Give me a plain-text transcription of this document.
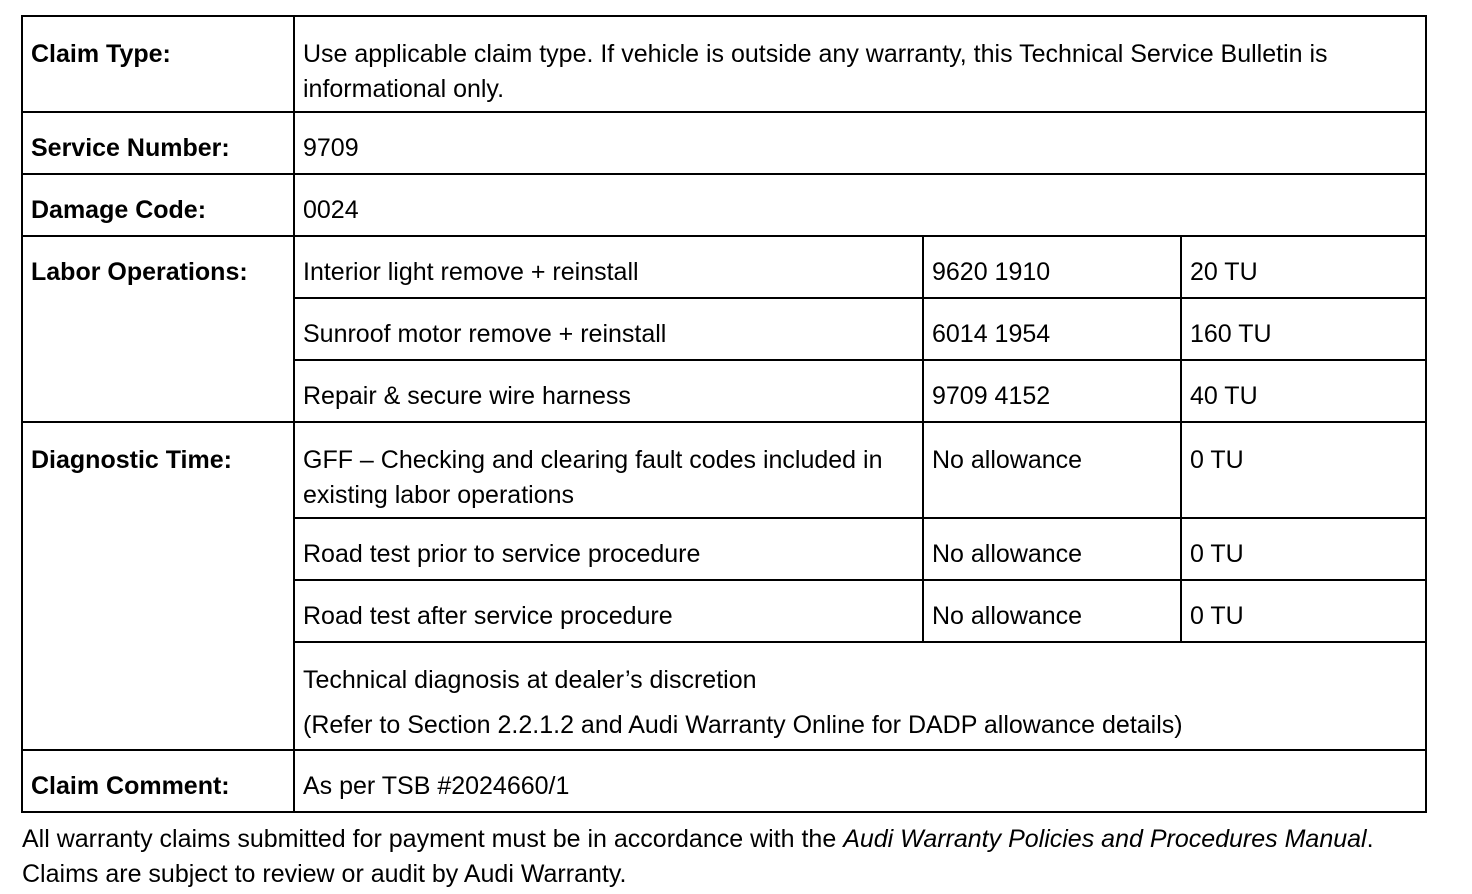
Claim Type:	Use applicable claim type. If vehicle is outside any warranty, this Technical Service Bulletin is informational only.		
Service Number:	9709		
Damage Code:	0024		
Labor Operations:	Interior light remove + reinstall	9620 1910	20 TU
	Sunroof motor remove + reinstall	6014 1954	160 TU
	Repair & secure wire harness	9709 4152	40 TU
Diagnostic Time:	GFF – Checking and clearing fault codes included in existing labor operations	No allowance	0 TU
	Road test prior to service procedure	No allowance	0 TU
	Road test after service procedure	No allowance	0 TU
	Technical diagnosis at dealer’s discretion
(Refer to Section 2.2.1.2 and Audi Warranty Online for DADP allowance details)		

Claim Comment:	As per TSB #2024660/1		
All warranty claims submitted for payment must be in accordance with the Audi Warranty Policies and Procedures Manual. Claims are subject to review or audit by Audi Warranty.
